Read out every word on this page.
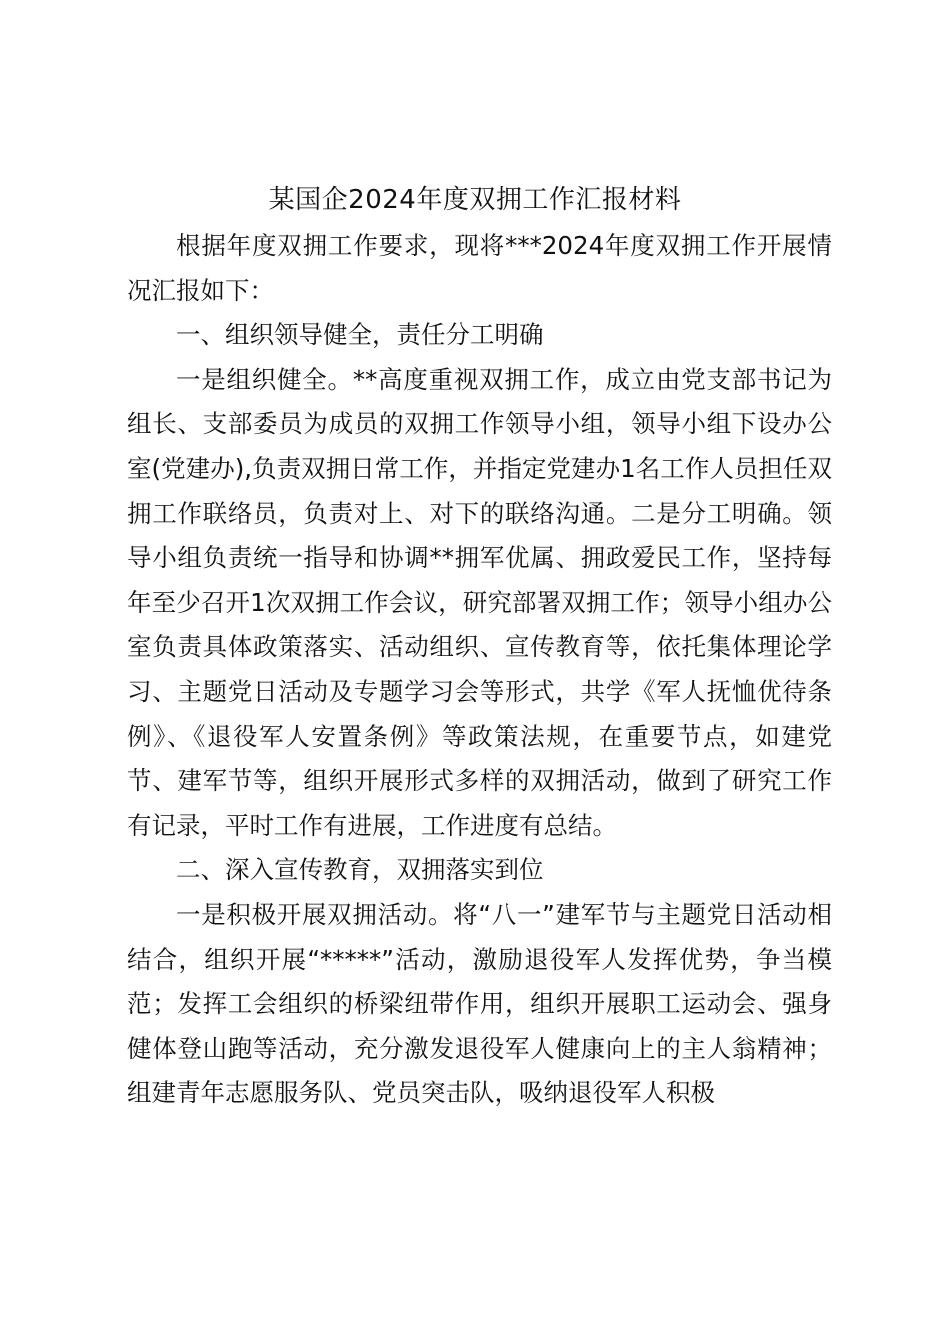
某国企2024年度双拥工作汇报材料

根据年度双拥工作要求，现将***2024年度双拥工作开展情况汇报如下：

一、组织领导健全，责任分工明确

一是组织健全。**高度重视双拥工作，成立由党支部书记为组长、支部委员为成员的双拥工作领导小组，领导小组下设办公室(党建办),负责双拥日常工作，并指定党建办1名工作人员担任双拥工作联络员，负责对上、对下的联络沟通。二是分工明确。领导小组负责统一指导和协调**拥军优属、拥政爱民工作，坚持每年至少召开1次双拥工作会议，研究部署双拥工作；领导小组办公室负责具体政策落实、活动组织、宣传教育等，依托集体理论学习、主题党日活动及专题学习会等形式，共学《军人抚恤优待条例》、《退役军人安置条例》等政策法规，在重要节点，如建党节、建军节等，组织开展形式多样的双拥活动，做到了研究工作有记录，平时工作有进展，工作进度有总结。

二、深入宣传教育，双拥落实到位

一是积极开展双拥活动。将“八一”建军节与主题党日活动相结合，组织开展“*****”活动，激励退役军人发挥优势，争当模范；发挥工会组织的桥梁纽带作用，组织开展职工运动会、强身健体登山跑等活动，充分激发退役军人健康向上的主人翁精神；组建青年志愿服务队、党员突击队，吸纳退役军人积极
